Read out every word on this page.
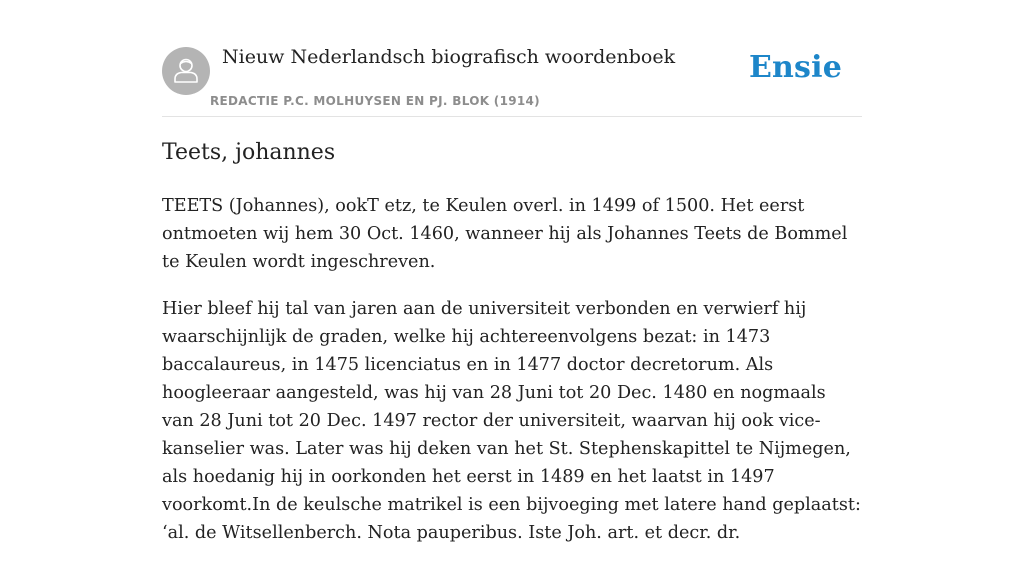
Nieuw Nederlandsch biografisch woordenboek
REDACTIE P.C. MOLHUYSEN EN PJ. BLOK (1914)
Ensie
Teets, johannes

TEETS (Johannes), ookT etz, te Keulen overl. in 1499 of 1500. Het eerst ontmoeten wij hem 30 Oct. 1460, wanneer hij als Johannes Teets de Bommel te Keulen wordt ingeschreven.

Hier bleef hij tal van jaren aan de universiteit verbonden en verwierf hij waarschijnlijk de graden, welke hij achtereenvolgens bezat: in 1473 baccalaureus, in 1475 licenciatus en in 1477 doctor decretorum. Als hoogleeraar aangesteld, was hij van 28 Juni tot 20 Dec. 1480 en nogmaals van 28 Juni tot 20 Dec. 1497 rector der universiteit, waarvan hij ook vice-kanselier was. Later was hij deken van het St. Stephenskapittel te Nijmegen, als hoedanig hij in oorkonden het eerst in 1489 en het laatst in 1497 voorkomt.In de keulsche matrikel is een bijvoeging met latere hand geplaatst: ‘al. de Witsellenberch. Nota pauperibus. Iste Joh. art. et decr. dr.
